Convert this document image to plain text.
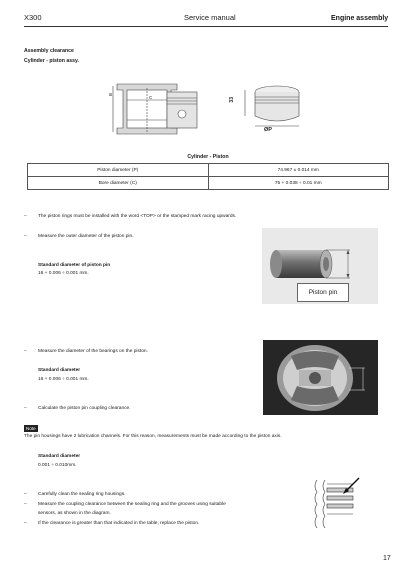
X300	Service manual	Engine assembly
Assembly clearance
Cylinder - piston assy.
B
C	33
ØP
Cylinder - Piston
Piston diameter (P)	74.967 ± 0.014 mm
Bore diameter (C)	75 + 0.038 ÷ 0.01 mm
– The piston rings must be installed with the word <TOP> or the stamped mark racing upwards.
– Measure the outer diameter of the piston pin.
Standard diameter of piston pin
16 + 0.006 ÷ 0.001 mm.
Piston pin
– Measure the diameter of the bearings on the piston.
Standard diameter
16 + 0.006 ÷ 0.001 mm.
– Calculate the piston pin coupling clearance.
Note
The pin housings have 2 lubrication channels. For this reason, measurements must be made according to the piston axis.
Standard diameter
0.001 ÷ 0.010mm.
– Carefully clean the sealing ring housings.
– Measure the coupling clearance between the sealing ring and the grooves using suitable
sensors, as shown in the diagram.
– If the clearance is greater than that indicated in the table, replace the piston.
17
